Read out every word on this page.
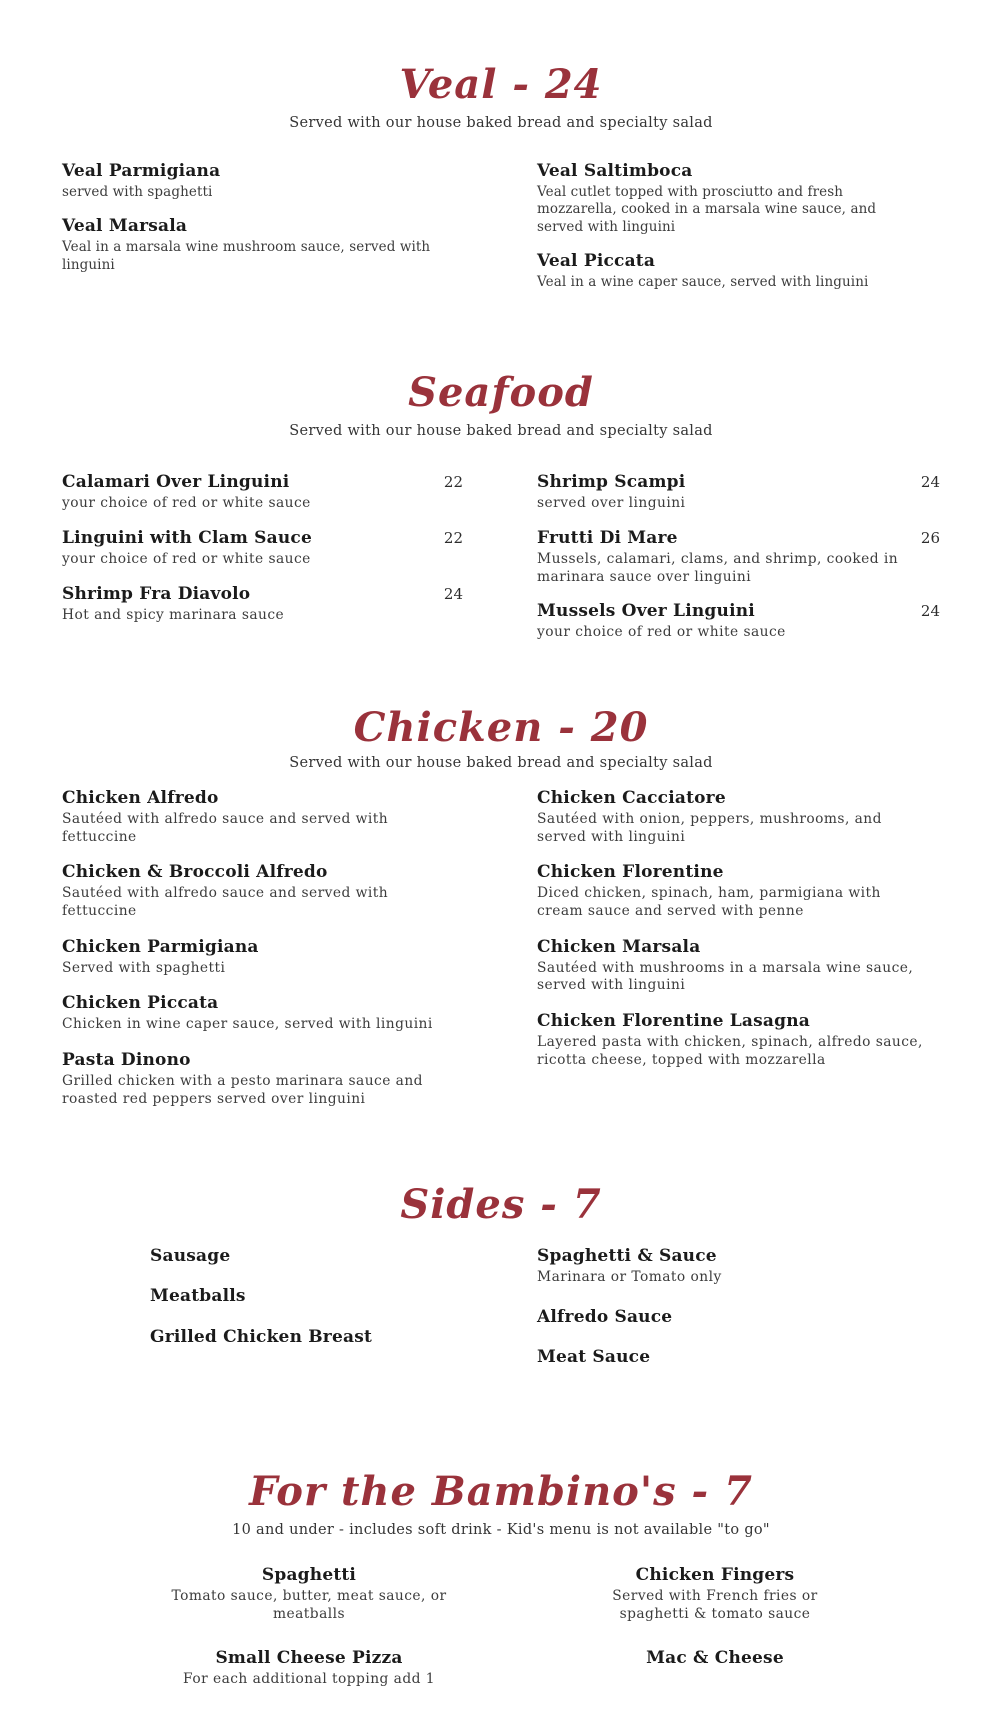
Veal - 24

Served with our house baked bread and specialty salad

Veal Parmigiana

served with spaghetti

Veal Marsala

Veal in a marsala wine mushroom sauce, served with linguini

Veal Saltimboca

Veal cutlet topped with prosciutto and fresh mozzarella, cooked in a marsala wine sauce, and served with linguini

Veal Piccata

Veal in a wine caper sauce, served with linguini

Seafood

Served with our house baked bread and specialty salad

Calamari Over Linguini	22

your choice of red or white sauce

Linguini with Clam Sauce	22

your choice of red or white sauce

Shrimp Fra Diavolo	24

Hot and spicy marinara sauce

Shrimp Scampi	24

served over linguini

Frutti Di Mare	26

Mussels, calamari, clams, and shrimp, cooked in marinara sauce over linguini

Mussels Over Linguini	24

your choice of red or white sauce

Chicken - 20

Served with our house baked bread and specialty salad

Chicken Alfredo

Sautéed with alfredo sauce and served with fettuccine

Chicken & Broccoli Alfredo

Sautéed with alfredo sauce and served with fettuccine

Chicken Parmigiana

Served with spaghetti

Chicken Piccata

Chicken in wine caper sauce, served with linguini

Pasta Dinono

Grilled chicken with a pesto marinara sauce and roasted red peppers served over linguini

Chicken Cacciatore

Sautéed with onion, peppers, mushrooms, and served with linguini

Chicken Florentine

Diced chicken, spinach, ham, parmigiana with cream sauce and served with penne

Chicken Marsala

Sautéed with mushrooms in a marsala wine sauce, served with linguini

Chicken Florentine Lasagna

Layered pasta with chicken, spinach, alfredo sauce, ricotta cheese, topped with mozzarella

Sides - 7
Sausage
Meatballs
Grilled Chicken Breast
Spaghetti & Sauce

Marinara or Tomato only

Alfredo Sauce
Meat Sauce
For the Bambino's - 7

10 and under - includes soft drink - Kid's menu is not available "to go"

Spaghetti

Tomato sauce, butter, meat sauce, or meatballs

Small Cheese Pizza

For each additional topping add 1

Chicken Fingers

Served with French fries or spaghetti & tomato sauce

Mac & Cheese
